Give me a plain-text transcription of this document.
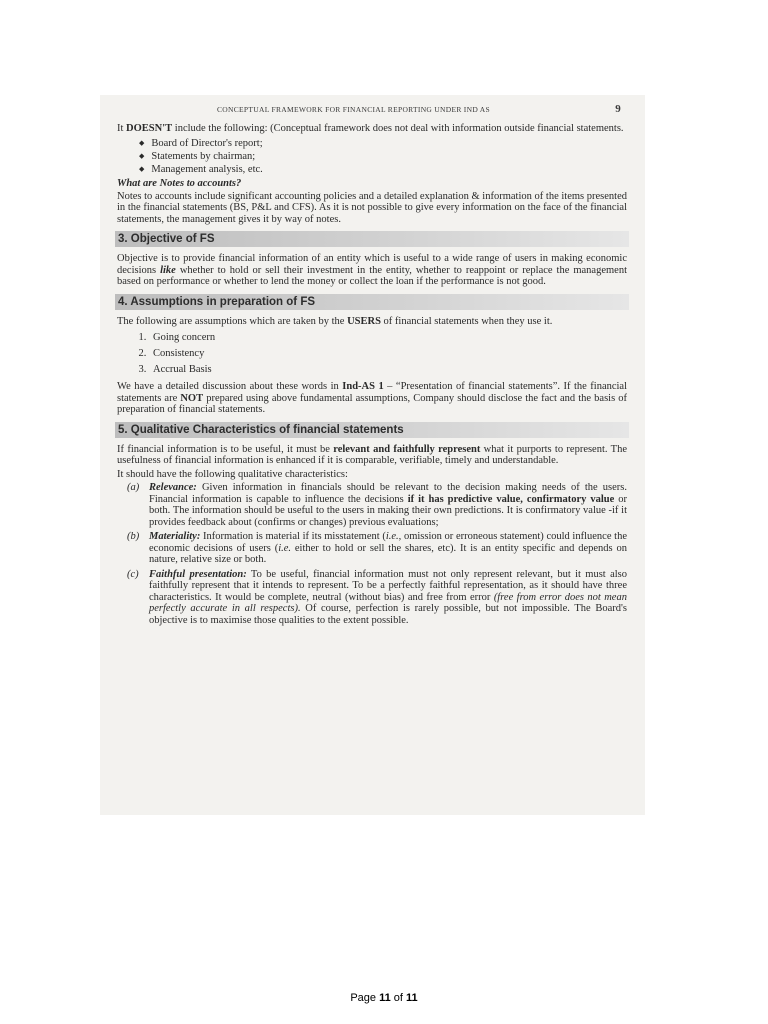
CONCEPTUAL FRAMEWORK FOR FINANCIAL REPORTING UNDER IND AS	9

It DOESN'T include the following: (Conceptual framework does not deal with information outside financial statements.

◆ Board of Director's report;
◆ Statements by chairman;
◆ Management analysis, etc.
What are Notes to accounts?

Notes to accounts include significant accounting policies and a detailed explanation & information of the items presented in the financial statements (BS, P&L and CFS). As it is not possible to give every information on the face of the financial statements, the management gives it by way of notes.

3. Objective of FS

Objective is to provide financial information of an entity which is useful to a wide range of users in making economic decisions like whether to hold or sell their investment in the entity, whether to reappoint or replace the management based on performance or whether to lend the money or collect the loan if the performance is not good.

4. Assumptions in preparation of FS

The following are assumptions which are taken by the USERS of financial statements when they use it.

1. Going concern
2. Consistency
3. Accrual Basis

We have a detailed discussion about these words in Ind-AS 1 – “Presentation of financial statements”. If the financial statements are NOT prepared using above fundamental assumptions, Company should disclose the fact and the basis of preparation of financial statements.

5. Qualitative Characteristics of financial statements

If financial information is to be useful, it must be relevant and faithfully represent what it purports to represent. The usefulness of financial information is enhanced if it is comparable, verifiable, timely and understandable.

It should have the following qualitative characteristics:

(a) Relevance: Given information in financials should be relevant to the decision making needs of the users. Financial information is capable to influence the decisions if it has predictive value, confirmatory value or both. The information should be useful to the users in making their own predictions. It is confirmatory value -if it provides feedback about (confirms or changes) previous evaluations;

(b) Materiality: Information is material if its misstatement (i.e., omission or erroneous statement) could influence the economic decisions of users (i.e. either to hold or sell the shares, etc). It is an entity specific and depends on nature, relative size or both.

(c) Faithful presentation: To be useful, financial information must not only represent relevant, but it must also faithfully represent that it intends to represent. To be a perfectly faithful representation, as it should have three characteristics. It would be complete, neutral (without bias) and free from error (free from error does not mean perfectly accurate in all respects). Of course, perfection is rarely possible, but not impossible. The Board's objective is to maximise those qualities to the extent possible.

Page 11 of 11
